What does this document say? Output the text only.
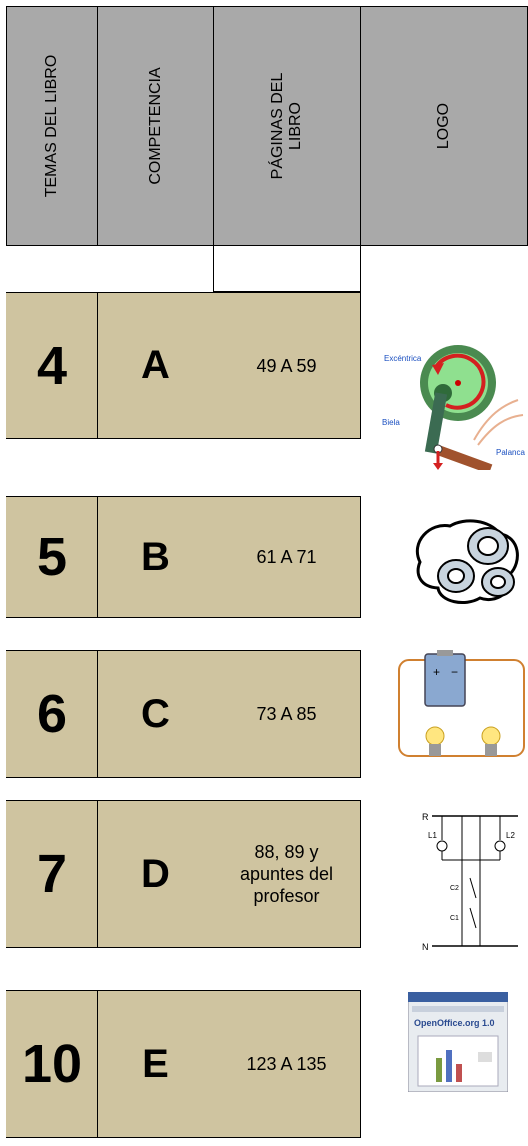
TEMAS DEL LIBRO	COMPETENCIA	PÁGINAS DEL LIBRO	LOGO
4 A	49 A 59
5 B	61 A 71
6 C	73 A 85
7 D	88, 89 y apuntes del profesor
10 E	123 A 135
Excéntrica
Biela
Palanca
+ −
R
N
L1	L2
C2
C1
OpenOffice.org 1.0
